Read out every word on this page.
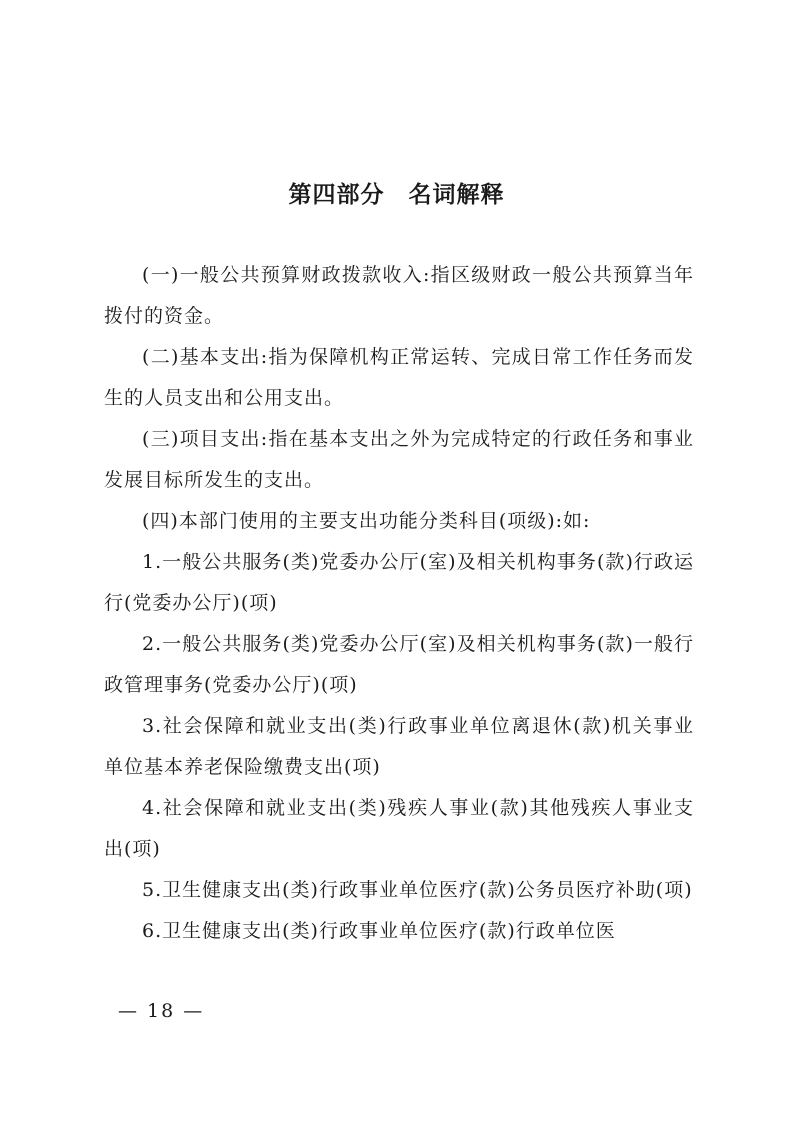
第四部分　名词解释

(一)一般公共预算财政拨款收入:指区级财政一般公共预算当年拨付的资金。

(二)基本支出:指为保障机构正常运转、完成日常工作任务而发生的人员支出和公用支出。

(三)项目支出:指在基本支出之外为完成特定的行政任务和事业发展目标所发生的支出。

(四)本部门使用的主要支出功能分类科目(项级):如:

1.一般公共服务(类)党委办公厅(室)及相关机构事务(款)行政运行(党委办公厅)(项)

2.一般公共服务(类)党委办公厅(室)及相关机构事务(款)一般行政管理事务(党委办公厅)(项)

3.社会保障和就业支出(类)行政事业单位离退休(款)机关事业单位基本养老保险缴费支出(项)

4.社会保障和就业支出(类)残疾人事业(款)其他残疾人事业支出(项)

5.卫生健康支出(类)行政事业单位医疗(款)公务员医疗补助(项)

6.卫生健康支出(类)行政事业单位医疗(款)行政单位医

— 18 —
